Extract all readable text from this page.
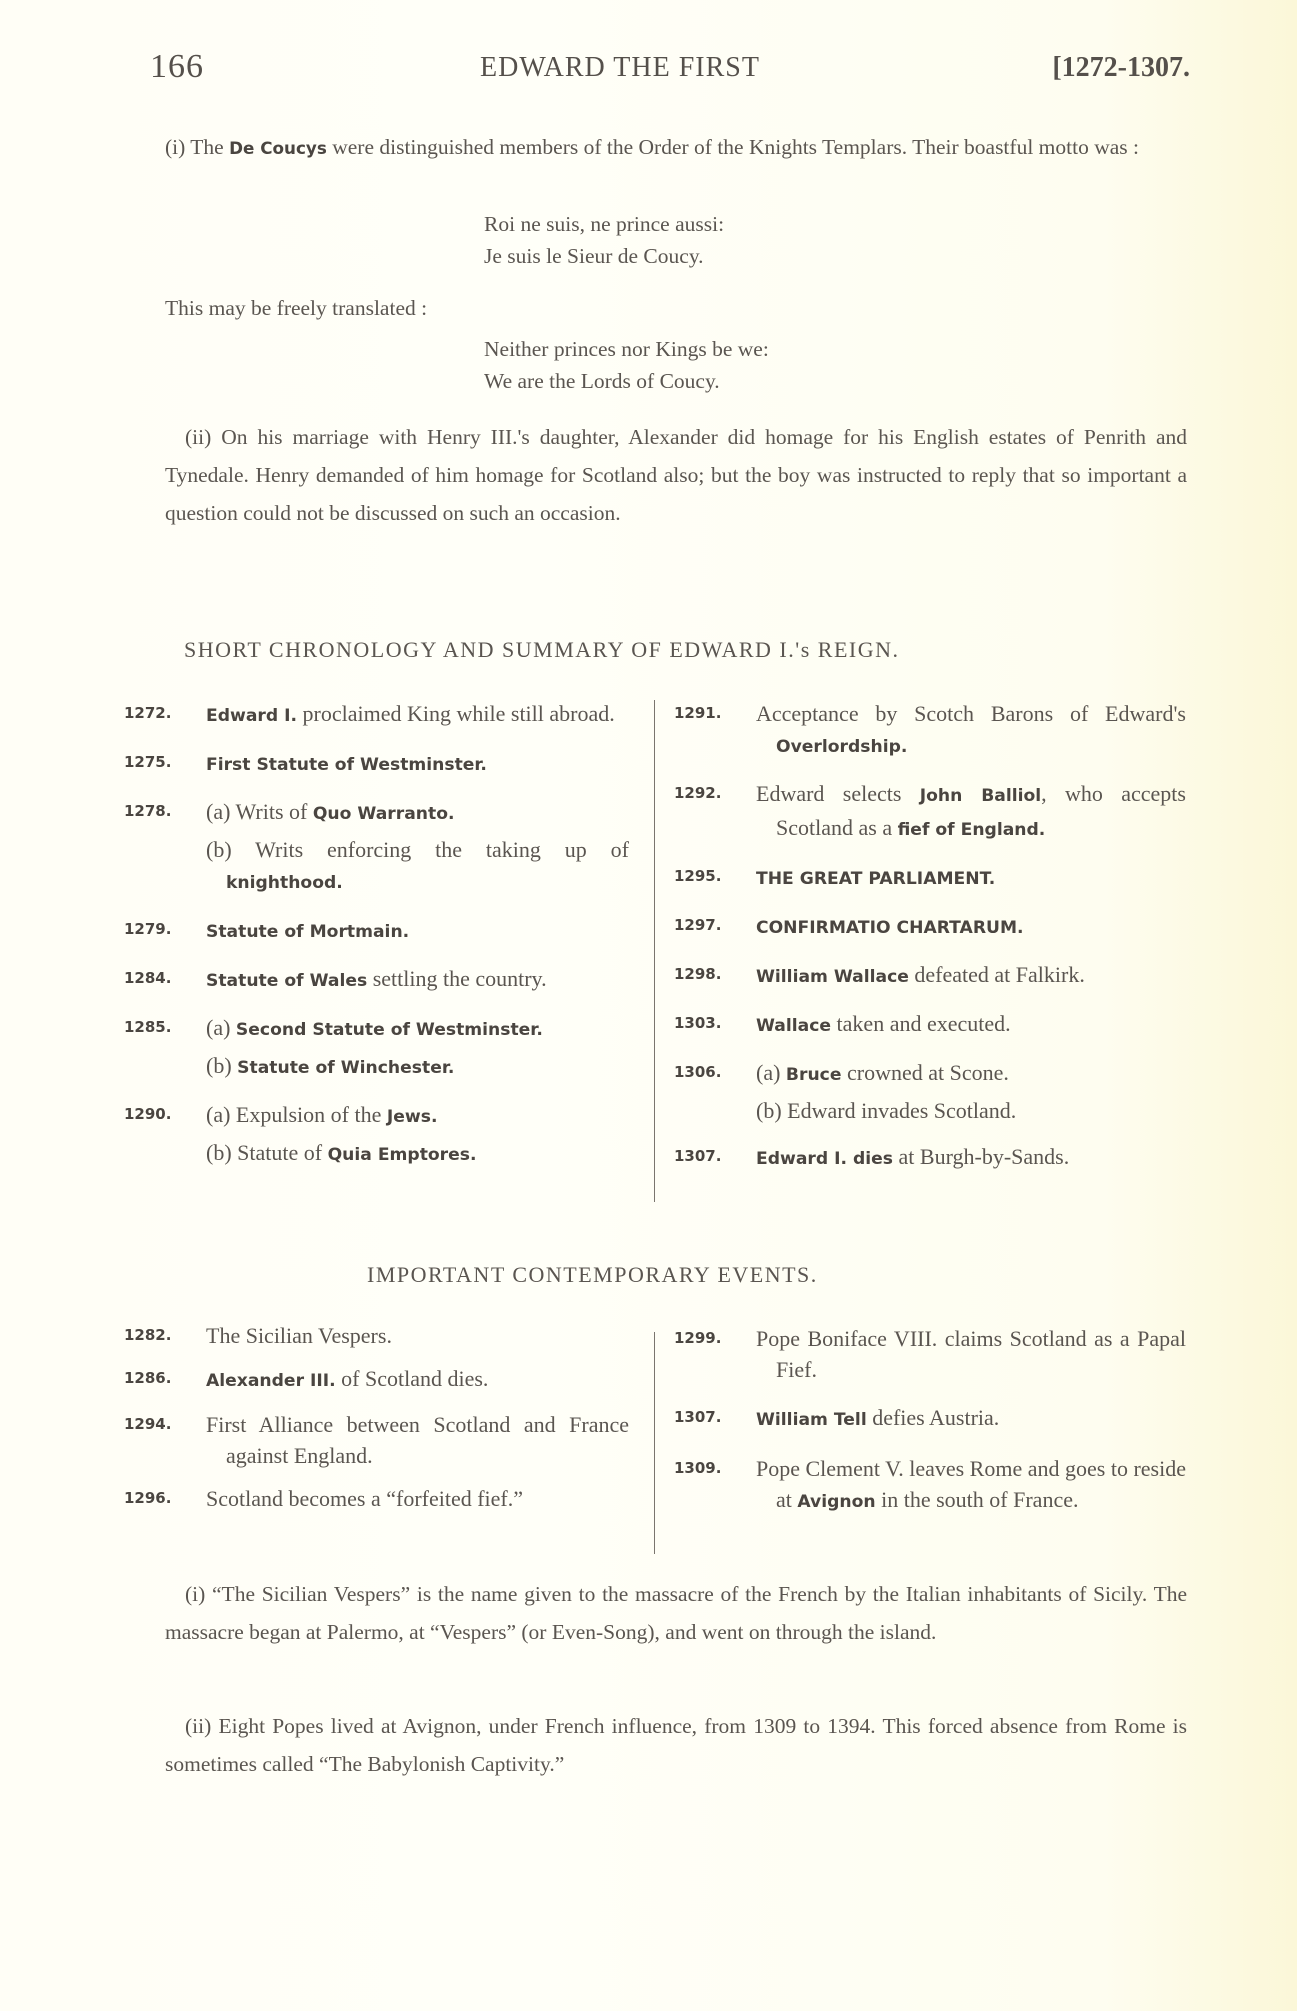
166	EDWARD THE FIRST	[1272-1307.
(i) The De Coucys were distinguished members of the Order of the Knights Templars. Their boastful motto was :
Roi ne suis, ne prince aussi:
Je suis le Sieur de Coucy.
This may be freely translated :
Neither princes nor Kings be we:
We are the Lords of Coucy.
(ii) On his marriage with Henry III.'s daughter, Alexander did homage for his English estates of Penrith and Tynedale. Henry demanded of him homage for Scotland also; but the boy was instructed to reply that so important a question could not be discussed on such an occasion.
SHORT CHRONOLOGY AND SUMMARY OF EDWARD I.'s REIGN.
1272. Edward I. proclaimed King while still abroad.
1275. First Statute of Westminster.
1278. (a) Writs of Quo Warranto.
(b) Writs enforcing the taking up of knighthood.
1279. Statute of Mortmain.
1284. Statute of Wales settling the country.
1285. (a) Second Statute of Westminster.
(b) Statute of Winchester.
1290. (a) Expulsion of the Jews.
(b) Statute of Quia Emptores.
1291. Acceptance by Scotch Barons of Edward's Overlordship.
1292. Edward selects John Balliol, who accepts Scotland as a fief of England.
1295. THE GREAT PARLIAMENT.
1297. CONFIRMATIO CHARTARUM.
1298. William Wallace defeated at Falkirk.
1303. Wallace taken and executed.
1306. (a) Bruce crowned at Scone.
(b) Edward invades Scotland.
1307. Edward I. dies at Burgh-by-Sands.
IMPORTANT CONTEMPORARY EVENTS.
1282. The Sicilian Vespers.
1286. Alexander III. of Scotland dies.
1294. First Alliance between Scotland and France against England.
1296. Scotland becomes a “forfeited fief.”
1299. Pope Boniface VIII. claims Scotland as a Papal Fief.
1307. William Tell defies Austria.
1309. Pope Clement V. leaves Rome and goes to reside at Avignon in the south of France.
(i) “The Sicilian Vespers” is the name given to the massacre of the French by the Italian inhabitants of Sicily. The massacre began at Palermo, at “Vespers” (or Even-Song), and went on through the island.
(ii) Eight Popes lived at Avignon, under French influence, from 1309 to 1394. This forced absence from Rome is sometimes called “The Babylonish Captivity.”
